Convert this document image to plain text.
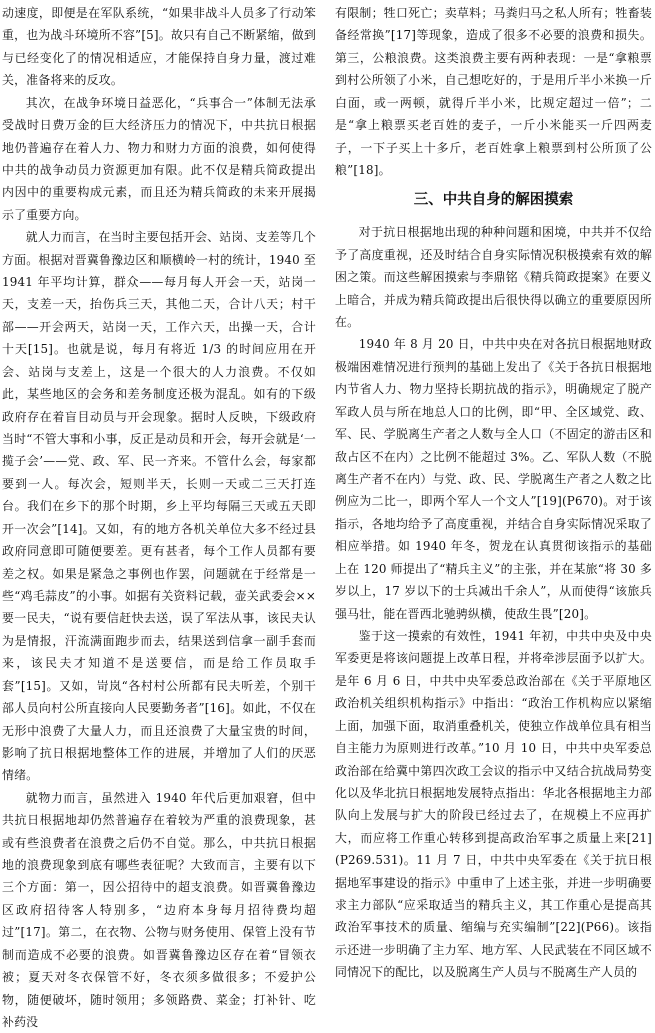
动速度，即便是在军队系统，“如果非战斗人员多了行动笨重，也为战斗环境所不容”[5]。故只有自己不断紧缩，做到与已经变化了的情况相适应，才能保持自身力量，渡过难关，准备将来的反攻。

其次，在战争环境日益恶化，“兵事合一”体制无法承受战时日费万金的巨大经济压力的情况下，中共抗日根据地仍普遍存在着人力、物力和财力方面的浪费，如何使得中共的战争动员力资源更加有限。此不仅是精兵简政提出内因中的重要构成元素，而且还为精兵简政的未来开展揭示了重要方向。

就人力而言，在当时主要包括开会、站岗、支差等几个方面。根据对晋冀鲁豫边区和顺横岭一村的统计，1940 至 1941 年平均计算，群众——每月每人开会一天，站岗一天，支差一天，抬伤兵三天，其他二天，合计八天；村干部——开会两天，站岗一天，工作六天，出操一天，合计十天[15]。也就是说，每月有将近 1/3 的时间应用在开会、站岗与支差上，这是一个很大的人力浪费。不仅如此，某些地区的会务和差务制度还极为混乱。如有的下级政府存在着盲目动员与开会现象。据时人反映，下级政府当时“不管大事和小事，反正是动员和开会，每开会就是‘一揽子会’——党、政、军、民一齐来。不管什么会，每家都要到一人。每次会，短则半天，长则一天或二三天打连台。我们在乡下的那个时期，乡上平均每隔三天或五天即开一次会”[14]。又如，有的地方各机关单位大多不经过县政府同意即可随便要差。更有甚者，每个工作人员都有要差之权。如果是紧急之事例也作罢，问题就在于经常是一些“鸡毛蒜皮”的小事。如据有关资料记载，壶关武委会××要一民夫，“说有要信赶快去送，误了军法从事，该民夫认为是情报，汗流满面跑步而去，结果送到信拿一副手套而来，该民夫才知道不是送要信，而是给工作员取手套”[15]。又如，岢岚“各村村公所都有民夫听差，个别干部人员向村公所直接向人民要勤务者”[16]。如此，不仅在无形中浪费了大量人力，而且还浪费了大量宝贵的时间，影响了抗日根据地整体工作的进展，并增加了人们的厌恶情绪。

就物力而言，虽然进入 1940 年代后更加艰窘，但中共抗日根据地却仍然普遍存在着较为严重的浪费现象，甚或有些浪费者在浪费之后仍不自觉。那么，中共抗日根据地的浪费现象到底有哪些表征呢？大致而言，主要有以下三个方面：第一，因公招待中的超支浪费。如晋冀鲁豫边区政府招待客人特别多，“边府本身每月招待费均超过”[17]。第二，在衣物、公物与财务使用、保管上没有节制而造成不必要的浪费。如晋冀鲁豫边区存在着“冒领衣被；夏天对冬衣保管不好，冬衣须多做很多；不爱护公物，随便破坏，随时领用；多领路费、菜金；打补针、吃补药没

有限制；牲口死亡；卖草料；马粪归马之私人所有；牲畜装备经常换”[17]等现象，造成了很多不必要的浪费和损失。第三，公粮浪费。这类浪费主要有两种表现：一是“拿粮票到村公所领了小米，自己想吃好的，于是用斤半小米换一斤白面，或一两顿，就得斤半小米，比规定超过一倍”；二是“拿上粮票买老百姓的麦子，一斤小米能买一斤四两麦子，一下子买上十多斤，老百姓拿上粮票到村公所顶了公粮”[18]。

三、中共自身的解困摸索

对于抗日根据地出现的种种问题和困境，中共并不仅给予了高度重视，还及时结合自身实际情况积极摸索有效的解困之策。而这些解困摸索与李鼎铭《精兵简政提案》在要义上暗合，并成为精兵简政提出后很快得以确立的重要原因所在。

1940 年 8 月 20 日，中共中央在对各抗日根据地财政极端困难情况进行预判的基础上发出了《关于各抗日根据地内节省人力、物力坚持长期抗战的指示》，明确规定了脱产军政人员与所在地总人口的比例，即“甲、全区域党、政、军、民、学脱离生产者之人数与全人口（不固定的游击区和敌占区不在内）之比例不能超过 3%。乙、军队人数（不脱离生产者不在内）与党、政、民、学脱离生产者之人数之比例应为二比一，即两个军人一个文人”[19](P670)。对于该指示，各地均给予了高度重视，并结合自身实际情况采取了相应举措。如 1940 年冬，贺龙在认真贯彻该指示的基础上在 120 师提出了“精兵主义”的主张，并在某旅“将 30 多岁以上，17 岁以下的士兵减出千余人”，从而使得“该旅兵强马壮，能在晋西北驰骋纵横，使敌生畏”[20]。

鉴于这一摸索的有效性，1941 年初，中共中央及中央军委更是将该问题提上改革日程，并将牵涉层面予以扩大。是年 6 月 6 日，中共中央军委总政治部在《关于平原地区政治机关组织机构指示》中指出：“政治工作机构应以紧缩上面，加强下面，取消重叠机关，使独立作战单位具有相当自主能力为原则进行改革。”10 月 10 日，中共中央军委总政治部在给冀中第四次政工会议的指示中又结合抗战局势变化以及华北抗日根据地发展特点指出：华北各根据地主力部队向上发展与扩大的阶段已经过去了，在规模上不应再扩大，而应将工作重心转移到提高政治军事之质量上来[21](P269.531)。11 月 7 日，中共中央军委在《关于抗日根据地军事建设的指示》中重申了上述主张，并进一步明确要求主力部队“应采取适当的精兵主义，其工作重心是提高其政治军事技术的质量、缩编与充实编制”[22](P66)。该指示还进一步明确了主力军、地方军、人民武装在不同区域不同情况下的配比，以及脱离生产人员与不脱离生产人员的
